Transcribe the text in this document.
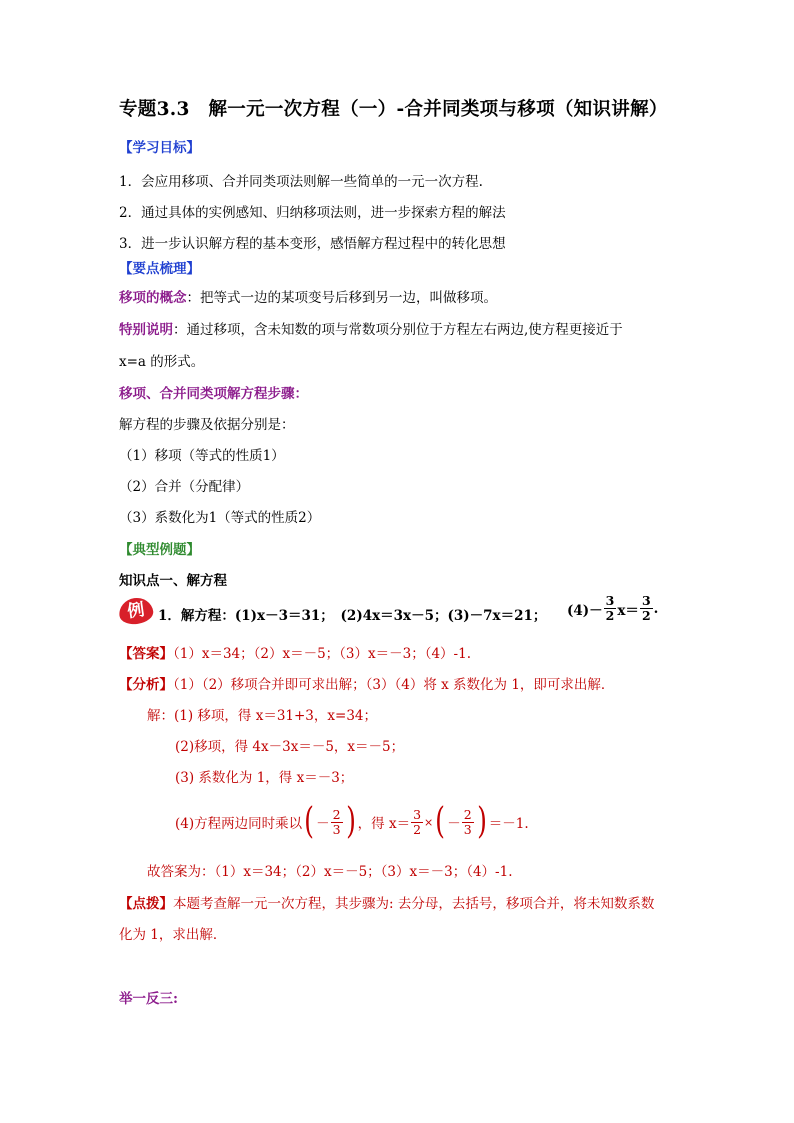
专题3.3　解一元一次方程（一）-合并同类项与移项（知识讲解）
【学习目标】
1．会应用移项、合并同类项法则解一些简单的一元一次方程.
2．通过具体的实例感知、归纳移项法则，进一步探索方程的解法
3．进一步认识解方程的基本变形，感悟解方程过程中的转化思想
【要点梳理】
移项的概念：把等式一边的某项变号后移到另一边，叫做移项。
特别说明：通过移项，含未知数的项与常数项分别位于方程左右两边,使方程更接近于
x=a 的形式。
移项、合并同类项解方程步骤：
解方程的步骤及依据分别是：
（1）移项（等式的性质1）
（2）合并（分配律）
（3）系数化为1（等式的性质2）
【典型例题】
知识点一、解方程
例 1．解方程：(1)x－3＝31；　(2)4x＝3x－5；(3)－7x＝21； $(4)- \frac{3}{2} x= \frac{3}{2}$ .
【答案】（1）x＝34；（2）x＝－5；（3）x＝－3；（4）-1.
【分析】（1）（2）移项合并即可求出解；（3）（4）将 x 系数化为 1，即可求出解．
解：(1) 移项，得 x＝31+3，x=34；
(2)移项，得 4x－3x＝－5，x＝－5；
(3) 系数化为 1，得 x＝－3；
(4)方程两边同时乘以 ( － $\frac{2}{3}$ ) ，得 $x= \frac{3}{2}$ × ( － $\frac{2}{3}$ ) ＝－1.
故答案为：（1）x＝34；（2）x＝－5；（3）x＝－3；（4）-1.
【点拨】本题考查解一元一次方程，其步骤为: 去分母，去括号，移项合并，将未知数系数
化为 1，求出解．
举一反三:
